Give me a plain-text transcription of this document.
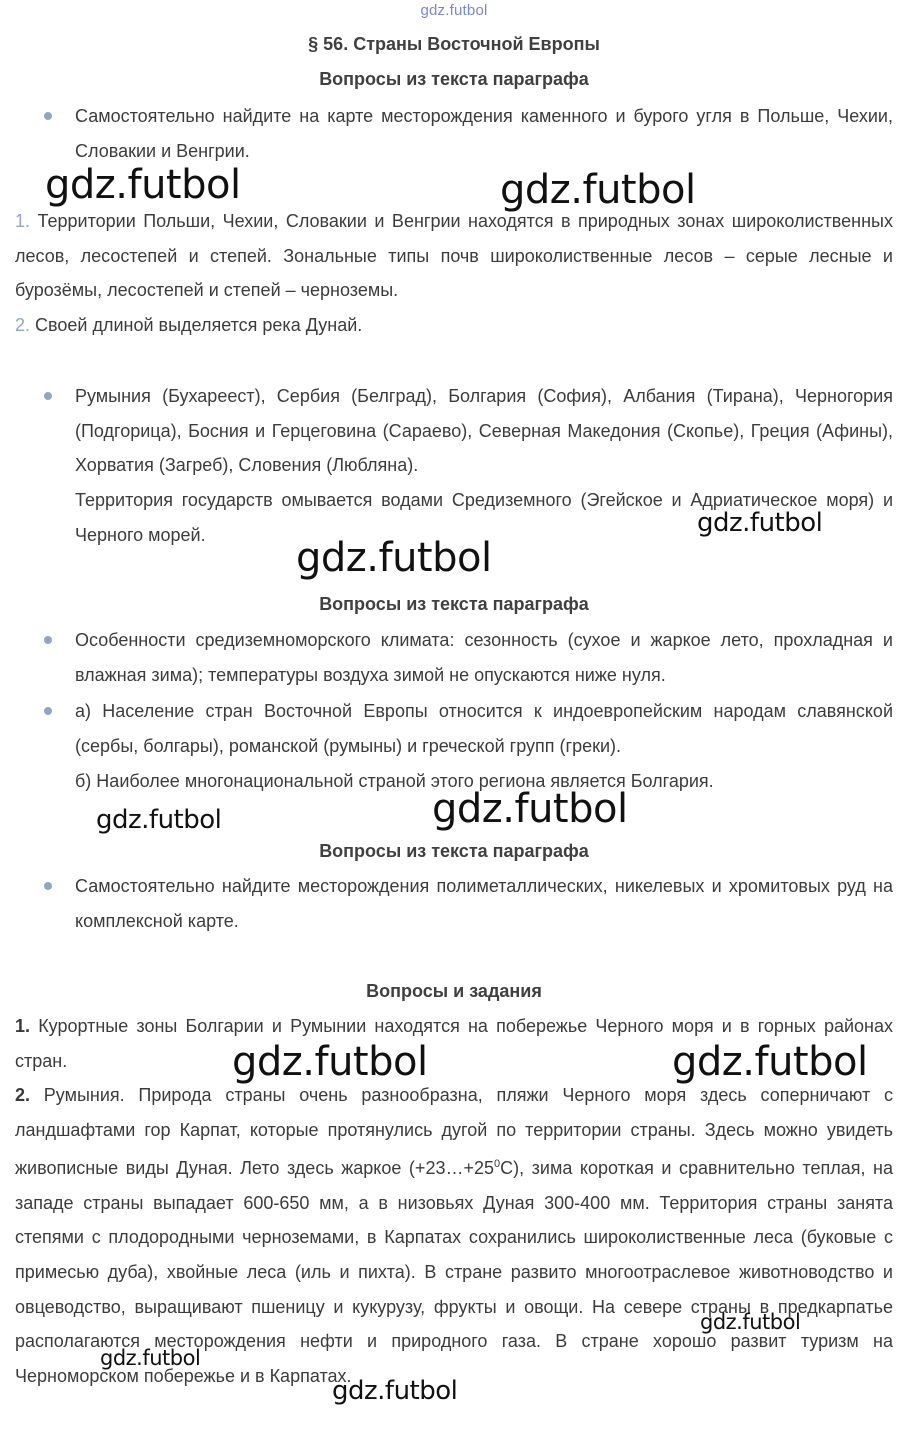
gdz.futbol
§ 56. Страны Восточной Европы
Вопросы из текста параграфа
Самостоятельно найдите на карте месторождения каменного и бурого угля в Польше, Чехии, Словакии и Венгрии.
1. Территории Польши, Чехии, Словакии и Венгрии находятся в природных зонах широколиственных лесов, лесостепей и степей. Зональные типы почв широколиственные лесов – серые лесные и бурозёмы, лесостепей и степей – черноземы.
2. Своей длиной выделяется река Дунай.
Румыния (Бухареест), Сербия (Белград), Болгария (София), Албания (Тирана), Черногория (Подгорица), Босния и Герцеговина (Сараево), Северная Македония (Скопье), Греция (Афины), Хорватия (Загреб), Словения (Любляна).
Территория государств омывается водами Средиземного (Эгейское и Адриатическое моря) и Черного морей.
Вопросы из текста параграфа
Особенности средиземноморского климата: сезонность (сухое и жаркое лето, прохладная и влажная зима); температуры воздуха зимой не опускаются ниже нуля.
а) Население стран Восточной Европы относится к индоевропейским народам славянской (сербы, болгары), романской (румыны) и греческой групп (греки).
б) Наиболее многонациональной страной этого региона является Болгария.
Вопросы из текста параграфа
Самостоятельно найдите месторождения полиметаллических, никелевых и хромитовых руд на комплексной карте.
Вопросы и задания
1. Курортные зоны Болгарии и Румынии находятся на побережье Черного моря и в горных районах стран.
2. Румыния. Природа страны очень разнообразна, пляжи Черного моря здесь соперничают с ландшафтами гор Карпат, которые протянулись дугой по территории страны. Здесь можно увидеть живописные виды Дуная. Лето здесь жаркое $(+23\dots+25^0С)$, зима короткая и сравнительно теплая, на западе страны выпадает 600-650 мм, а в низовьях Дуная 300-400 мм. Территория страны занята степями с плодородными черноземами, в Карпатах сохранились широколиственные леса (буковые с примесью дуба), хвойные леса (иль и пихта). В стране развито многоотраслевое животноводство и овцеводство, выращивают пшеницу и кукурузу, фрукты и овощи. На севере страны в предкарпатье располагаются месторождения нефти и природного газа. В стране хорошо развит туризм на Черноморском побережье и в Карпатах.
gdz.futbol	gdz.futbol
gdz.futbol
gdz.futbol
gdz.futbol
gdz.futbol
gdz.futbol	gdz.futbol
gdz.futbol
gdz.futbol
gdz.futbol
